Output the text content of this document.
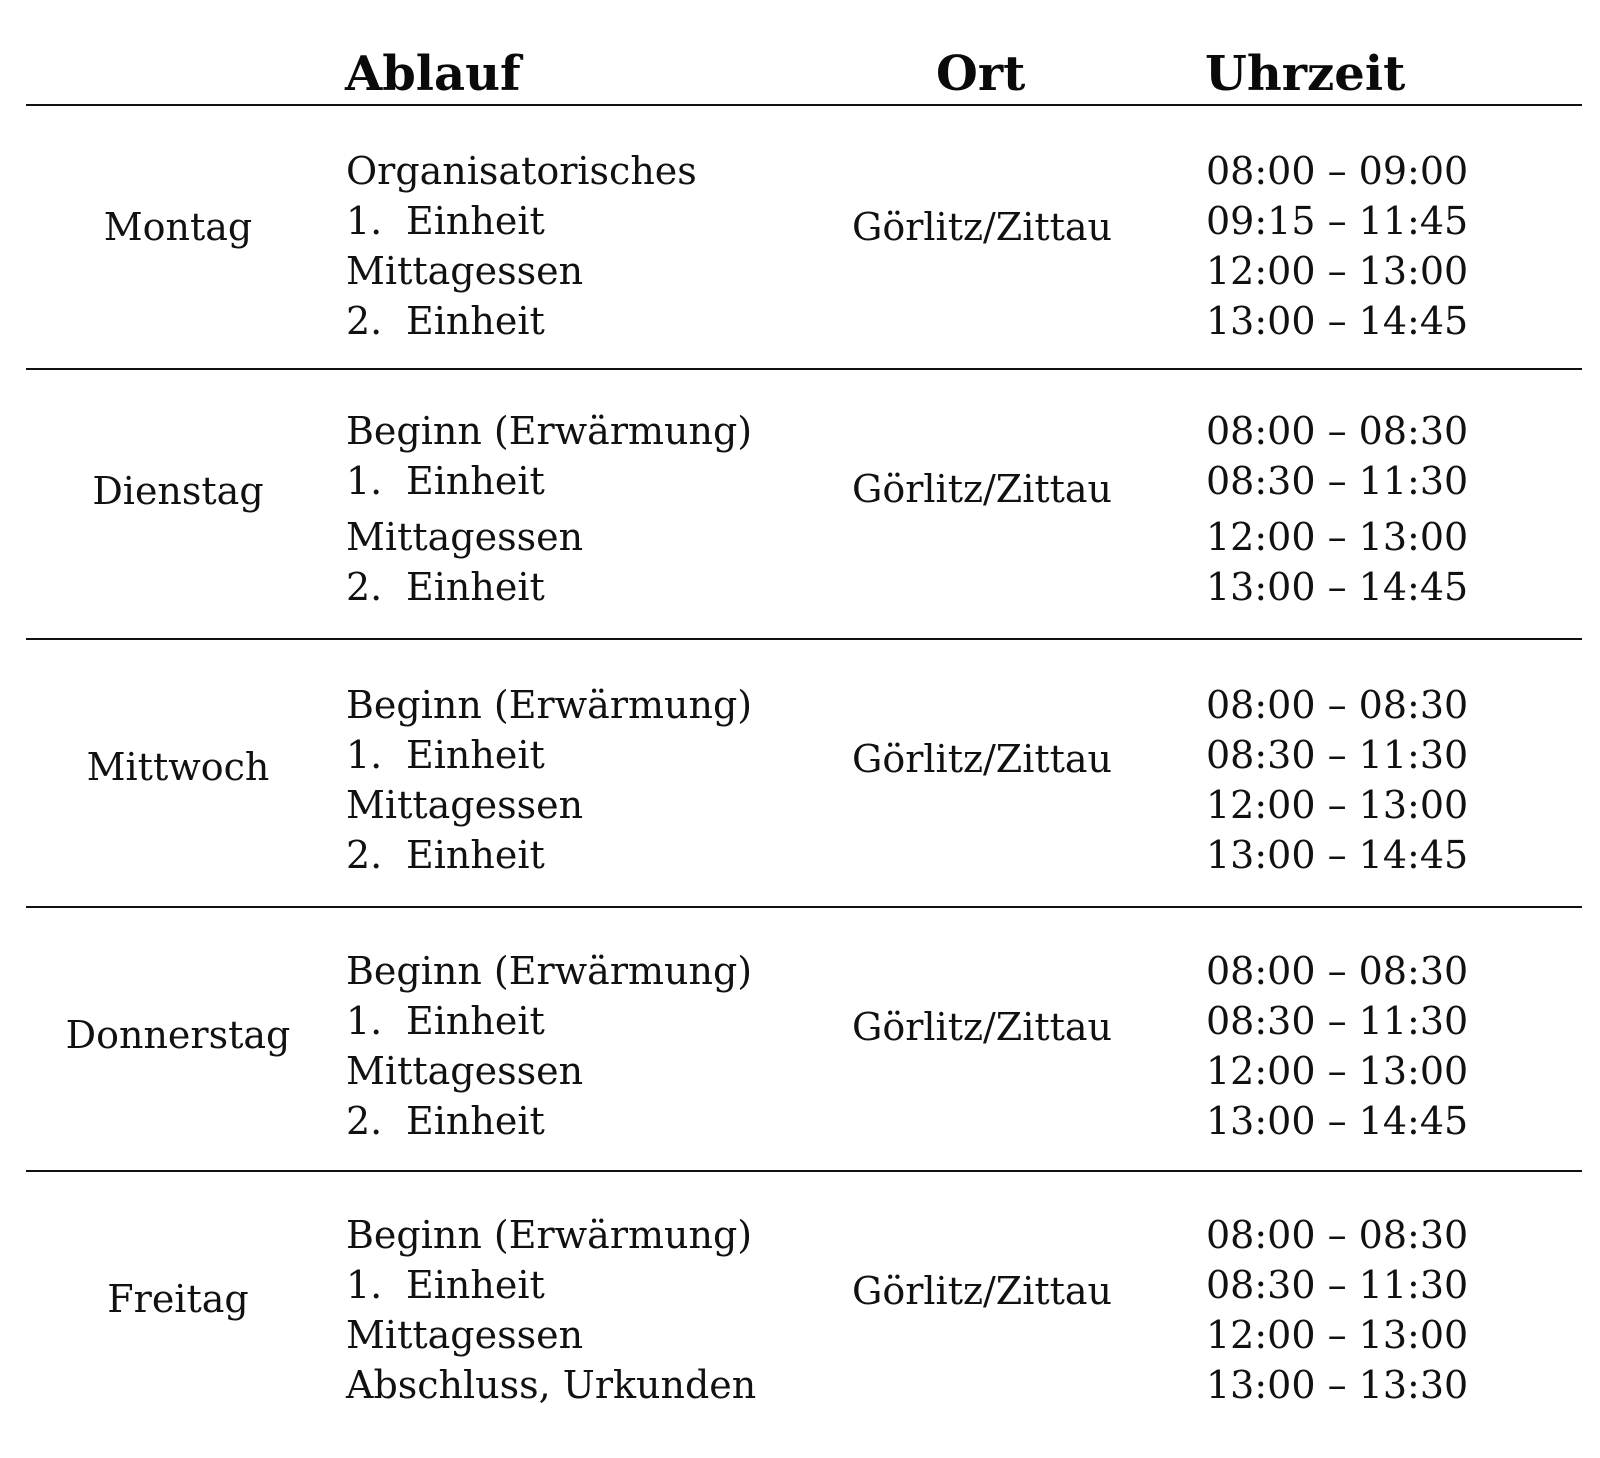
Ablauf	Ort	Uhrzeit
Montag
Organisatorisches
1. Einheit
Mittagessen
2. Einheit
Görlitz/Zittau
08:00 – 09:00
09:15 – 11:45
12:00 – 13:00
13:00 – 14:45
Dienstag
Beginn (Erwärmung)
1. Einheit
Mittagessen
2. Einheit
Görlitz/Zittau
08:00 – 08:30
08:30 – 11:30
12:00 – 13:00
13:00 – 14:45
Mittwoch
Beginn (Erwärmung)
1. Einheit
Mittagessen
2. Einheit
Görlitz/Zittau
08:00 – 08:30
08:30 – 11:30
12:00 – 13:00
13:00 – 14:45
Donnerstag
Beginn (Erwärmung)
1. Einheit
Mittagessen
2. Einheit
Görlitz/Zittau
08:00 – 08:30
08:30 – 11:30
12:00 – 13:00
13:00 – 14:45
Freitag
Beginn (Erwärmung)
1. Einheit
Mittagessen
Abschluss, Urkunden
Görlitz/Zittau
08:00 – 08:30
08:30 – 11:30
12:00 – 13:00
13:00 – 13:30
